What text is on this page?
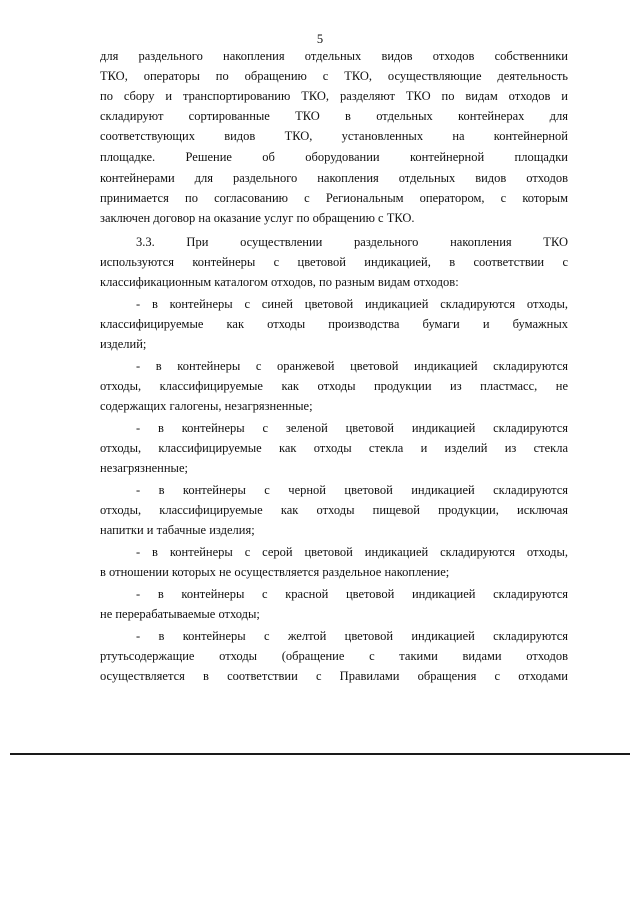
5
для раздельного накопления отдельных видов отходов собственники
ТКО, операторы по обращению с ТКО, осуществляющие деятельность
по сбору и транспортированию ТКО, разделяют ТКО по видам отходов и
складируют сортированные ТКО в отдельных контейнерах для
соответствующих видов ТКО, установленных на контейнерной
площадке. Решение об оборудовании контейнерной площадки
контейнерами для раздельного накопления отдельных видов отходов
принимается по согласованию с Региональным оператором, с которым
заключен договор на оказание услуг по обращению с ТКО.
3.3. При осуществлении раздельного накопления ТКО
используются контейнеры с цветовой индикацией, в соответствии с
классификационным каталогом отходов, по разным видам отходов:
- в контейнеры с синей цветовой индикацией складируются отходы,
классифицируемые как отходы производства бумаги и бумажных
изделий;
- в контейнеры с оранжевой цветовой индикацией складируются
отходы, классифицируемые как отходы продукции из пластмасс, не
содержащих галогены, незагрязненные;
- в контейнеры с зеленой цветовой индикацией складируются
отходы, классифицируемые как отходы стекла и изделий из стекла
незагрязненные;
- в контейнеры с черной цветовой индикацией складируются
отходы, классифицируемые как отходы пищевой продукции, исключая
напитки и табачные изделия;
- в контейнеры с серой цветовой индикацией складируются отходы,
в отношении которых не осуществляется раздельное накопление;
- в контейнеры с красной цветовой индикацией складируются
не перерабатываемые отходы;
- в контейнеры с желтой цветовой индикацией складируются
ртутьсодержащие отходы (обращение с такими видами отходов
осуществляется в соответствии с Правилами обращения с отходами
